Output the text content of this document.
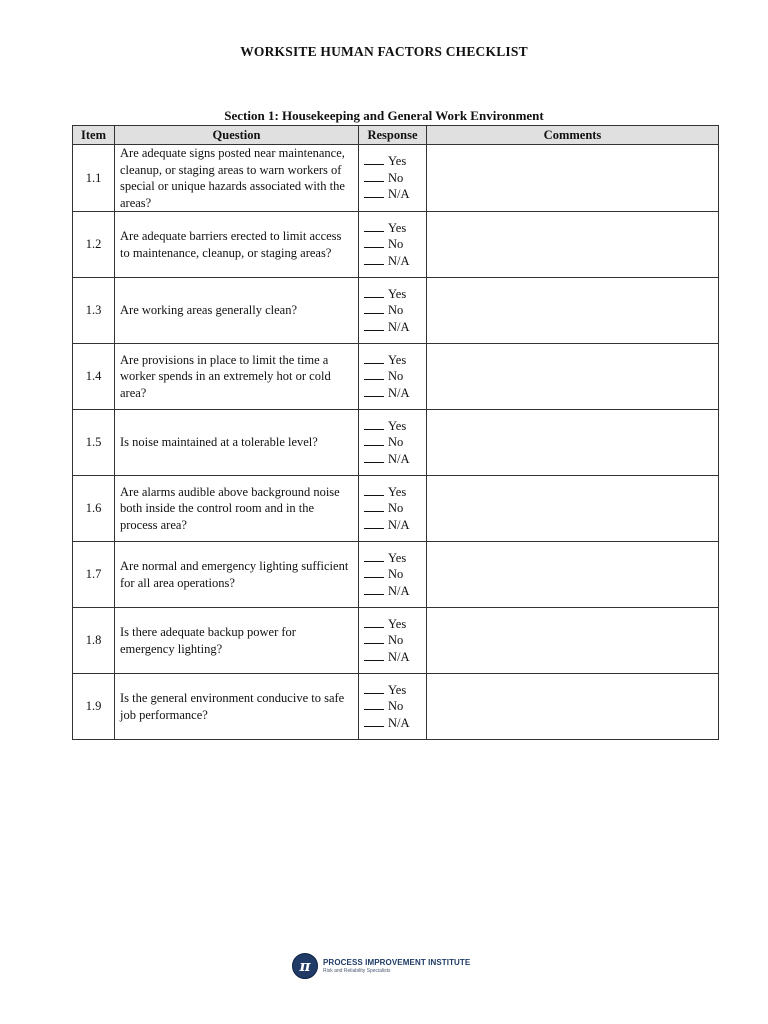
WORKSITE HUMAN FACTORS CHECKLIST
Section 1: Housekeeping and General Work Environment
Item	Question	Response	Comments
1.1	Are adequate signs posted near maintenance, cleanup, or staging areas to warn workers of special or unique hazards associated with the areas?	Yes
No
N/A	

1.2	Are adequate barriers erected to limit access to maintenance, cleanup, or staging areas?	Yes
No
N/A	

1.3	Are working areas generally clean?	Yes
No
N/A	

1.4	Are provisions in place to limit the time a worker spends in an extremely hot or cold area?	Yes
No
N/A	

1.5	Is noise maintained at a tolerable level?	Yes
No
N/A	

1.6	Are alarms audible above background noise both inside the control room and in the process area?	Yes
No
N/A	

1.7	Are normal and emergency lighting sufficient for all area operations?	Yes
No
N/A	

1.8	Is there adequate backup power for emergency lighting?	Yes
No
N/A	

1.9	Is the general environment conducive to safe job performance?	Yes
No
N/A	

π	PROCESS IMPROVEMENT INSTITUTE
Risk and Reliability Specialists
